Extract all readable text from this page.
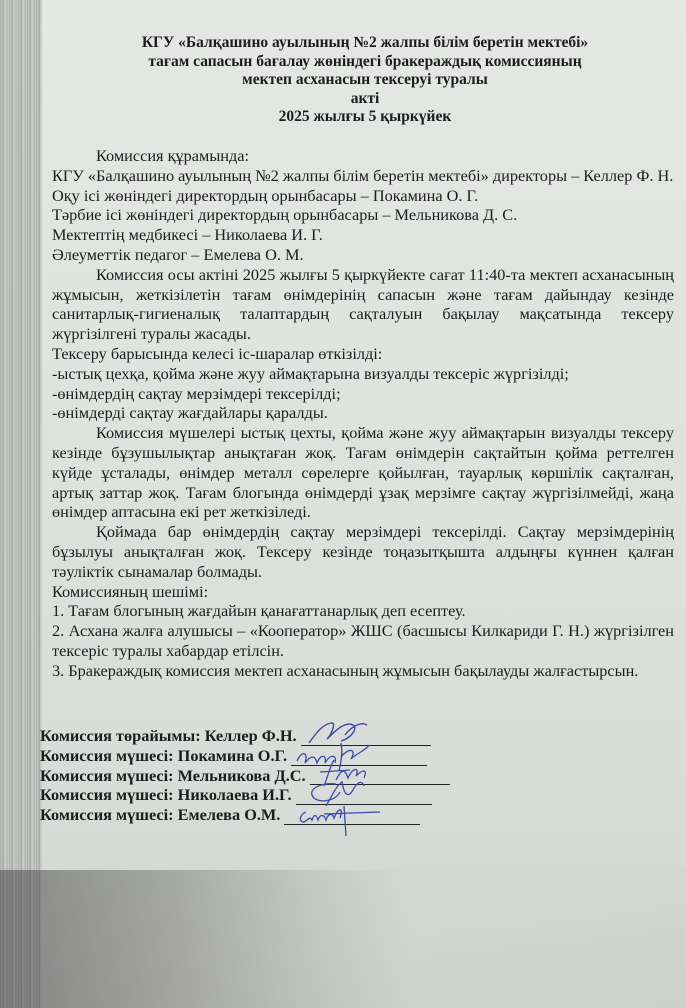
КГУ «Балқашино ауылының №2 жалпы білім беретін мектебі»
тағам сапасын бағалау жөніндегі бракераждық комиссияның
мектеп асханасын тексеруі туралы
акті
2025 жылғы 5 қыркүйек

Комиссия құрамында:

КГУ «Балқашино ауылының №2 жалпы білім беретін мектебі» директоры – Келлер Ф. Н.

Оқу ісі жөніндегі директордың орынбасары – Покамина О. Г.

Тәрбие ісі жөніндегі директордың орынбасары – Мельникова Д. С.

Мектептің медбикесі – Николаева И. Г.

Әлеуметтік педагог – Емелева О. М.

Комиссия осы актіні 2025 жылғы 5 қыркүйекте сағат 11:40-та мектеп асханасының жұмысын, жеткізілетін тағам өнімдерінің сапасын және тағам дайындау кезінде санитарлық-гигиеналық талаптардың сақталуын бақылау мақсатында тексеру жүргізілгені туралы жасады.

Тексеру барысында келесі іс-шаралар өткізілді:

-ыстық цехқа, қойма және жуу аймақтарына визуалды тексеріс жүргізілді;

-өнімдердің сақтау мерзімдері тексерілді;

-өнімдерді сақтау жағдайлары қаралды.

Комиссия мүшелері ыстық цехты, қойма және жуу аймақтарын визуалды тексеру кезінде бұзушылықтар анықтаған жоқ. Тағам өнімдерін сақтайтын қойма реттелген күйде ұсталады, өнімдер металл сөрелерге қойылған, тауарлық көршілік сақталған, артық заттар жоқ. Тағам блогында өнімдерді ұзақ мерзімге сақтау жүргізілмейді, жаңа өнімдер аптасына екі рет жеткізіледі.

Қоймада бар өнімдердің сақтау мерзімдері тексерілді. Сақтау мерзімдерінің бұзылуы анықталған жоқ. Тексеру кезінде тоңазытқышта алдыңғы күннен қалған тәуліктік сынамалар болмады.

Комиссияның шешімі:

1. Тағам блогының жағдайын қанағаттанарлық деп есептеу.

2. Асхана жалға алушысы – «Кооператор» ЖШС (басшысы Килкариди Г. Н.) жүргізілген тексеріс туралы хабардар етілсін.

3. Бракераждық комиссия мектеп асханасының жұмысын бақылауды жалғастырсын.

Комиссия төрайымы: Келлер Ф.Н.
Комиссия мүшесі: Покамина О.Г.
Комиссия мүшесі: Мельникова Д.С.
Комиссия мүшесі: Николаева И.Г.
Комиссия мүшесі: Емелева О.М.
